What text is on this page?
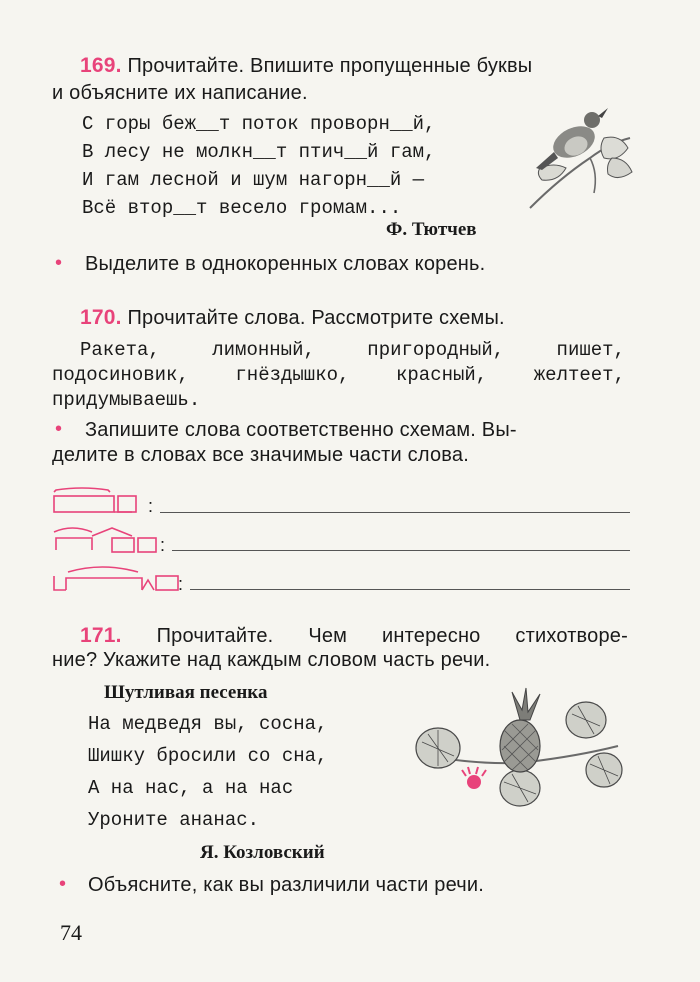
169. Прочитайте. Впишите пропущенные буквы
и объясните их написание.
С горы беж__т поток проворн__й,
В лесу не молкн__т птич__й гам,
И гам лесной и шум нагорн__й —
Всё втор__т весело громам...
Ф. Тютчев
• Выделите в однокоренных словах корень.
170. Прочитайте слова. Рассмотрите схемы.
Ракета,	лимонный,	пригородный,	пишет,
подосиновик, гнёздышко, красный, желтеет,
придумываешь.
• Запишите слова соответственно схемам. Вы-
делите в словах все значимые части слова.
:
:
:
171. Прочитайте. Чем интересно стихотворе-
ние? Укажите над каждым словом часть речи.
Шутливая песенка
На медведя вы, сосна,
Шишку бросили со сна,
А на нас, а на нас
Уроните ананас.
Я. Козловский
• Объясните, как вы различили части речи.
74
